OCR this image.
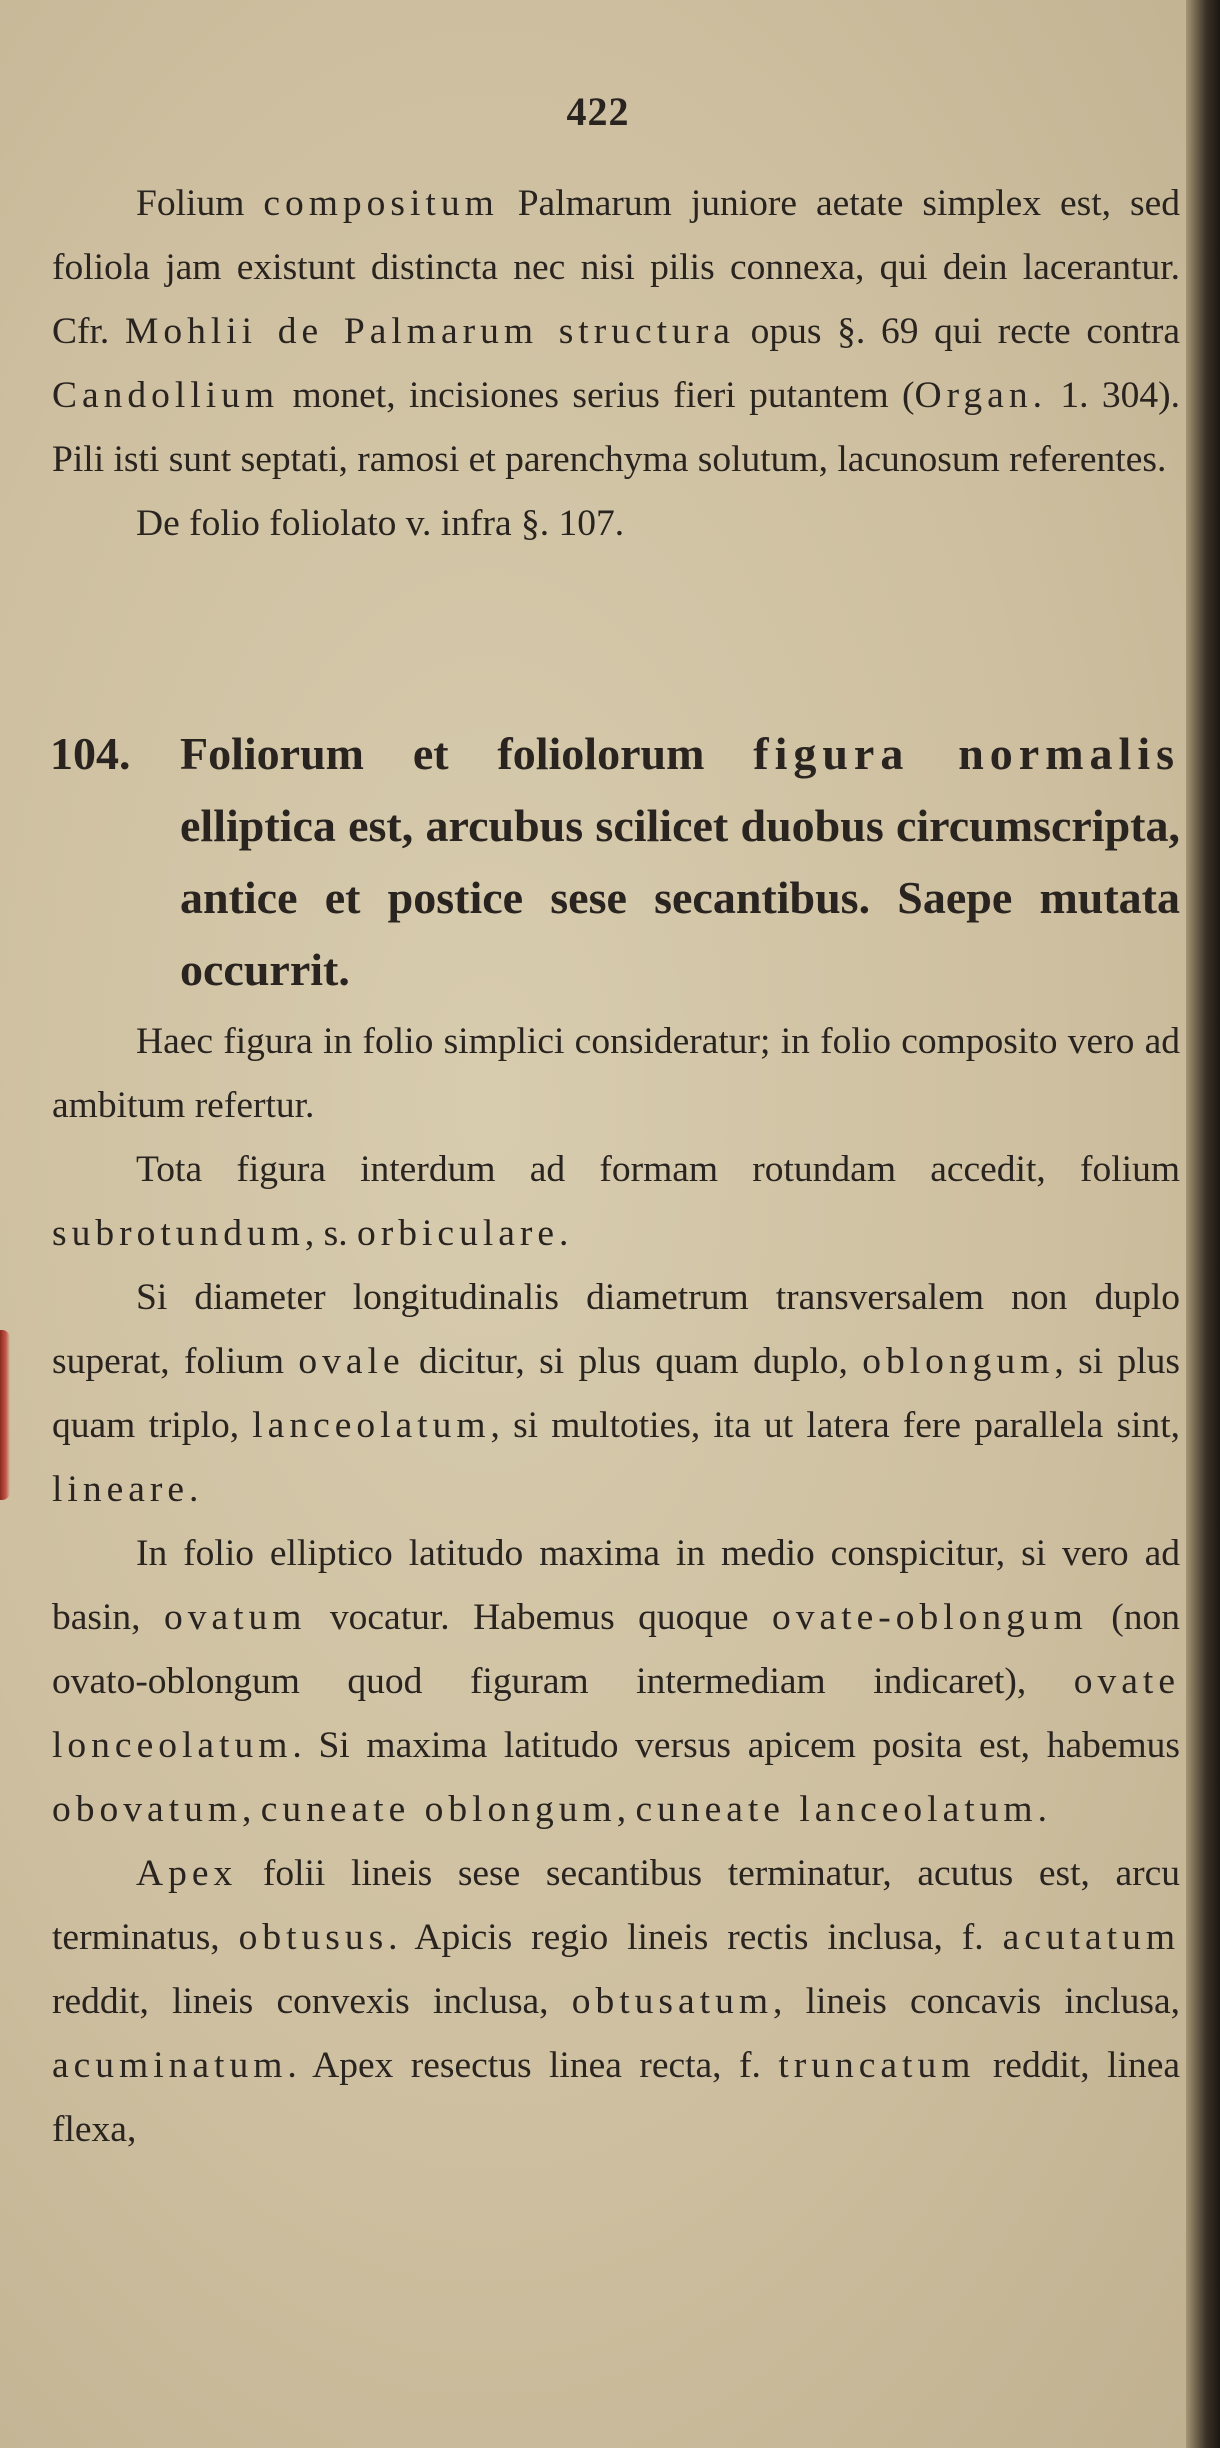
422

Folium compositum Palmarum juniore aetate simplex est, sed foliola jam existunt distincta nec nisi pilis connexa, qui dein lacerantur. Cfr. Mohlii de Palmarum structura opus §. 69 qui recte contra Candollium monet, incisiones serius fieri putantem (Organ. 1. 304). Pili isti sunt septati, ramosi et parenchyma solutum, lacunosum referentes.

De folio foliolato v. infra §. 107.

104. Foliorum et foliolorum figura normalis elliptica est, arcubus scilicet duobus circumscripta, antice et postice sese secantibus. Saepe mutata occurrit.

Haec figura in folio simplici consideratur; in folio composito vero ad ambitum refertur.

Tota figura interdum ad formam rotundam accedit, folium subrotundum, s. orbiculare.

Si diameter longitudinalis diametrum transversalem non duplo superat, folium ovale dicitur, si plus quam duplo, oblongum, si plus quam triplo, lanceolatum, si multoties, ita ut latera fere parallela sint, lineare.

In folio elliptico latitudo maxima in medio conspicitur, si vero ad basin, ovatum vocatur. Habemus quoque ovate-oblongum (non ovato-oblongum quod figuram intermediam indicaret), ovate lonceolatum. Si maxima latitudo versus apicem posita est, habemus obovatum, cuneate oblongum, cuneate lanceolatum.

Apex folii lineis sese secantibus terminatur, acutus est, arcu terminatus, obtusus. Apicis regio lineis rectis inclusa, f. acutatum reddit, lineis convexis inclusa, obtusatum, lineis concavis inclusa, acuminatum. Apex resectus linea recta, f. truncatum reddit, linea flexa,
